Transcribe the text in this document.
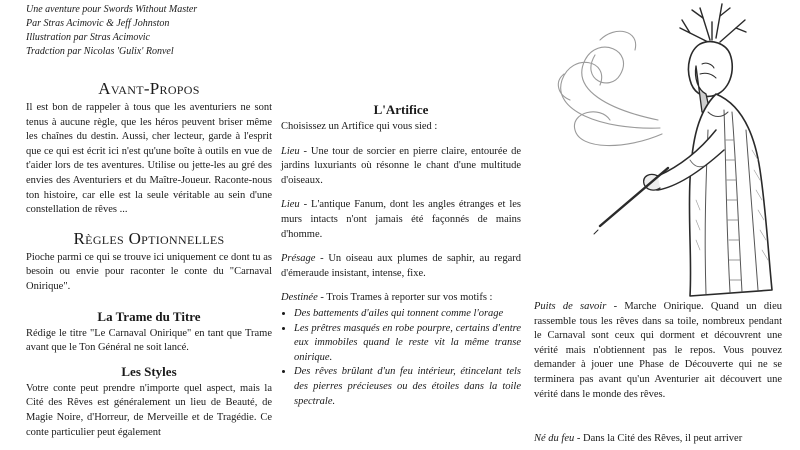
Une aventure pour Swords Without Master
Par Stras Acimovic & Jeff Johnston
Illustration par Stras Acimovic
Tradction par Nicolas 'Gulix' Ronvel
Avant-Propos

Il est bon de rappeler à tous que les aventuriers ne sont tenus à aucune règle, que les héros peuvent briser même les chaînes du destin. Aussi, cher lecteur, garde à l'esprit que ce qui est écrit ici n'est qu'une boîte à outils en vue de t'aider lors de tes aventures. Utilise ou jette-les au gré des envies des Aventuriers et du Maître-Joueur. Raconte-nous ton histoire, car elle est la seule véritable au sein d'une constellation de rêves ...

Règles Optionnelles

Pioche parmi ce qui se trouve ici uniquement ce dont tu as besoin ou envie pour raconter le conte du "Carnaval Onirique".

La Trame du Titre

Rédige le titre "Le Carnaval Onirique" en tant que Trame avant que le Ton Général ne soit lancé.

Les Styles

Votre conte peut prendre n'importe quel aspect, mais la Cité des Rêves est généralement un lieu de Beauté, de Magie Noire, d'Horreur, de Merveille et de Tragédie. Ce conte particulier peut également

L'Artifice

Choisissez un Artifice qui vous sied :

Lieu - Une tour de sorcier en pierre claire, entourée de jardins luxuriants où résonne le chant d'une multitude d'oiseaux.

Lieu - L'antique Fanum, dont les angles étranges et les murs intacts n'ont jamais été façonnés de mains d'homme.

Présage - Un oiseau aux plumes de saphir, au regard d'émeraude insistant, intense, fixe.

Destinée - Trois Trames à reporter sur vos motifs :

• Des battements d'ailes qui tonnent comme l'orage
• Les prêtres masqués en robe pourpre, certains d'entre eux immobiles quand le reste vit la même transe onirique.
• Des rêves brûlant d'un feu intérieur, étincelant tels des pierres précieuses ou des étoiles dans la toile spectrale.

Puits de savoir - Marche Onirique. Quand un dieu rassemble tous les rêves dans sa toile, nombreux pendant le Carnaval sont ceux qui dorment et découvrent une vérité mais n'obtiennent pas le repos. Vous pouvez demander à jouer une Phase de Découverte qui ne se terminera pas avant qu'un Aventurier ait découvert une vérité dans le monde des rêves.

Né du feu - Dans la Cité des Rêves, il peut arriver
